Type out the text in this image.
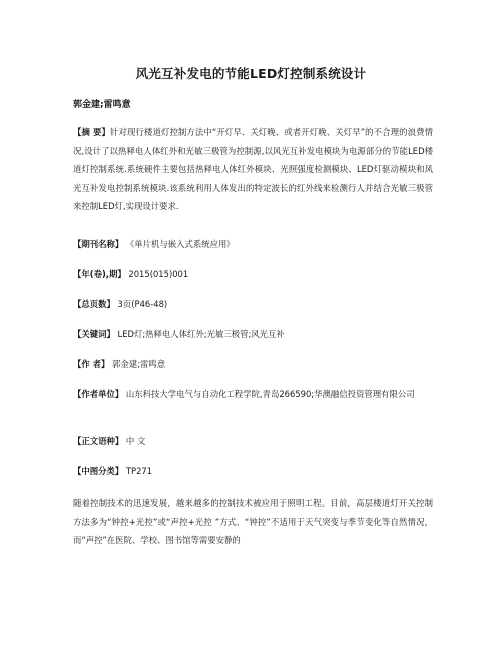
风光互补发电的节能LED灯控制系统设计
郭金建;雷鸣意
【摘 要】针对现行楼道灯控制方法中“开灯早、关灯晚、或者开灯晚、关灯早”的不合理的浪费情况,设计了以热释电人体红外和光敏三极管为控制源,以风光互补发电模块为电源部分的节能LED楼道灯控制系统.系统硬件主要包括热释电人体红外模块、光照强度检测模块、LED灯驱动模块和风光互补发电控制系统模块.该系统利用人体发出的特定波长的红外线来检测行人并结合光敏三极管来控制LED灯,实现设计要求.
【期刊名称】 《单片机与嵌入式系统应用》
【年(卷),期】 2015(015)001
【总页数】 3页(P46-48)
【关键词】 LED灯;热释电人体红外;光敏三极管;风光互补
【作 者】 郭金建;雷鸣意
【作者单位】 山东科技大学电气与自动化工程学院,青岛266590;华澳融信投资管理有限公司
【正文语种】 中 文
【中图分类】 TP271
随着控制技术的迅速发展，越来越多的控制技术被应用于照明工程。目前，高层楼道灯开关控制方法多为“钟控+光控”或“声控+光控 ”方式。“钟控”不适用于天气突变与季节变化等自然情况，而“声控”在医院、学校、图书馆等需要安静的
